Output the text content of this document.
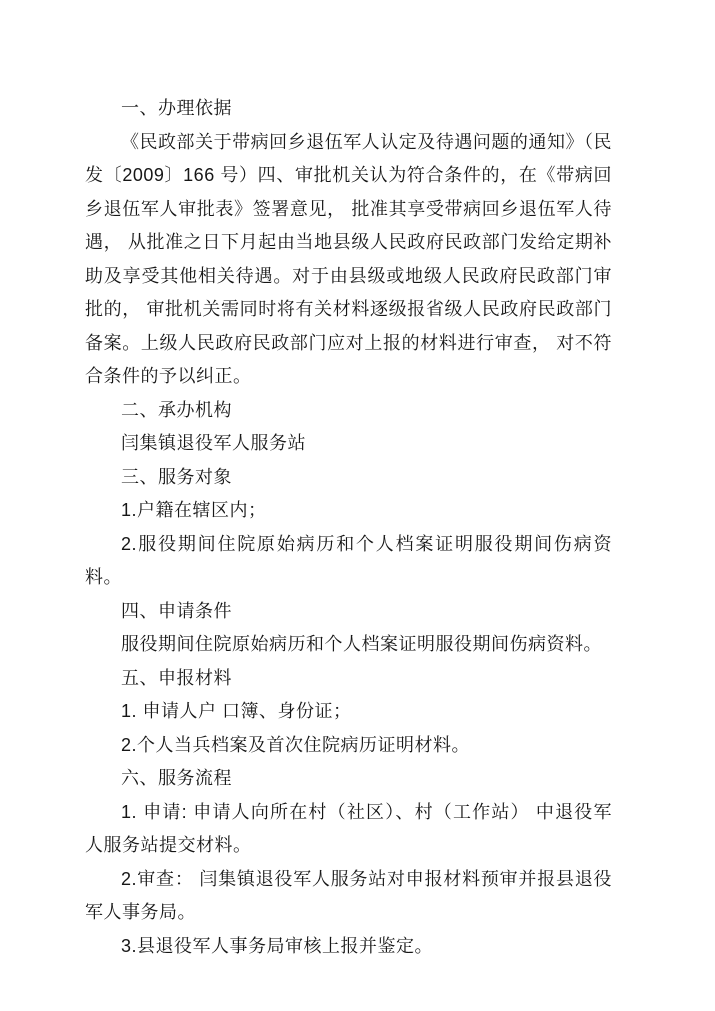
一、办理依据

《民政部关于带病回乡退伍军人认定及待遇问题的通知》（民发〔2009〕166 号）四、审批机关认为符合条件的，在《带病回乡退伍军人审批表》签署意见， 批准其享受带病回乡退伍军人待遇， 从批准之日下月起由当地县级人民政府民政部门发给定期补助及享受其他相关待遇。对于由县级或地级人民政府民政部门审批的， 审批机关需同时将有关材料逐级报省级人民政府民政部门备案。上级人民政府民政部门应对上报的材料进行审查， 对不符合条件的予以纠正。

二、承办机构

闫集镇退役军人服务站

三、服务对象

1.户籍在辖区内；

2.服役期间住院原始病历和个人档案证明服役期间伤病资料。

四、申请条件

服役期间住院原始病历和个人档案证明服役期间伤病资料。

五、申报材料

1. 申请人户 口簿、身份证；

2.个人当兵档案及首次住院病历证明材料。

六、服务流程

1. 申请: 申请人向所在村（社区）、村（工作站） 中退役军人服务站提交材料。

2.审查： 闫集镇退役军人服务站对申报材料预审并报县退役军人事务局。

3.县退役军人事务局审核上报并鉴定。
